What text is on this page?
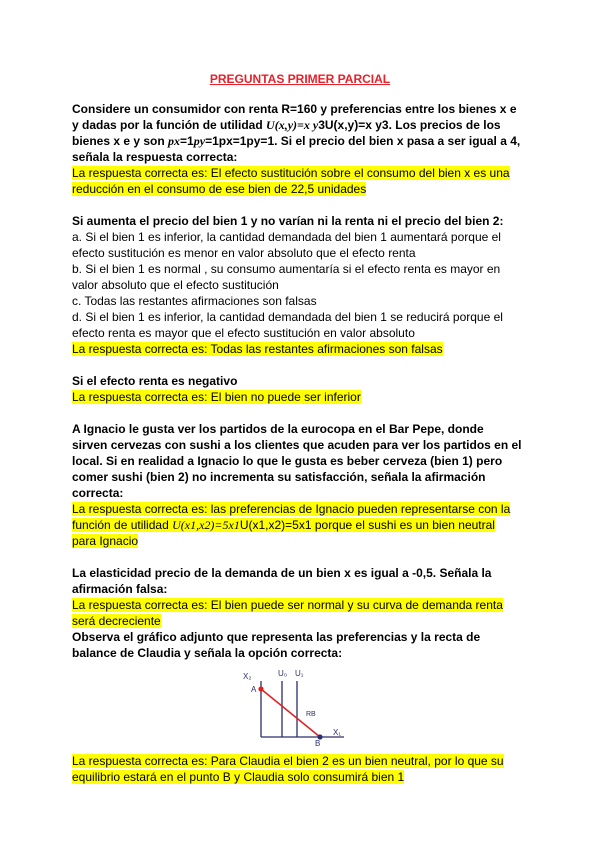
PREGUNTAS PRIMER PARCIAL

Considere un consumidor con renta R=160 y preferencias entre los bienes x e y dadas por la función de utilidad U(x,y)=x y3U(x,y)=x y3. Los precios de los bienes x e y son px=1py=1px=1py=1. Si el precio del bien x pasa a ser igual a 4, señala la respuesta correcta:

La respuesta correcta es: El efecto sustitución sobre el consumo del bien x es una reducción en el consumo de ese bien de 22,5 unidades

Si aumenta el precio del bien 1 y no varían ni la renta ni el precio del bien 2:

a. Si el bien 1 es inferior, la cantidad demandada del bien 1 aumentará porque el efecto sustitución es menor en valor absoluto que el efecto renta

b. Si el bien 1 es normal , su consumo aumentaría si el efecto renta es mayor en valor absoluto que el efecto sustitución

c. Todas las restantes afirmaciones son falsas

d. Si el bien 1 es inferior, la cantidad demandada del bien 1 se reducirá porque el efecto renta es mayor que el efecto sustitución en valor absoluto

La respuesta correcta es: Todas las restantes afirmaciones son falsas

Si el efecto renta es negativo

La respuesta correcta es: El bien no puede ser inferior

A Ignacio le gusta ver los partidos de la eurocopa en el Bar Pepe, donde sirven cervezas con sushi a los clientes que acuden para ver los partidos en el local. Si en realidad a Ignacio lo que le gusta es beber cerveza (bien 1) pero comer sushi (bien 2) no incrementa su satisfacción, señala la afirmación correcta:

La respuesta correcta es: las preferencias de Ignacio pueden representarse con la función de utilidad U(x1,x2)=5x1U(x1,x2)=5x1 porque el sushi es un bien neutral para Ignacio

La elasticidad precio de la demanda de un bien x es igual a -0,5. Señala la afirmación falsa:

La respuesta correcta es: El bien puede ser normal y su curva de demanda renta será decreciente

Observa el gráfico adjunto que representa las preferencias y la recta de balance de Claudia y señala la opción correcta:

X₂	U₀ U₁
A
B
RB
X₁

La respuesta correcta es: Para Claudia el bien 2 es un bien neutral, por lo que su equilibrio estará en el punto B y Claudia solo consumirá bien 1
